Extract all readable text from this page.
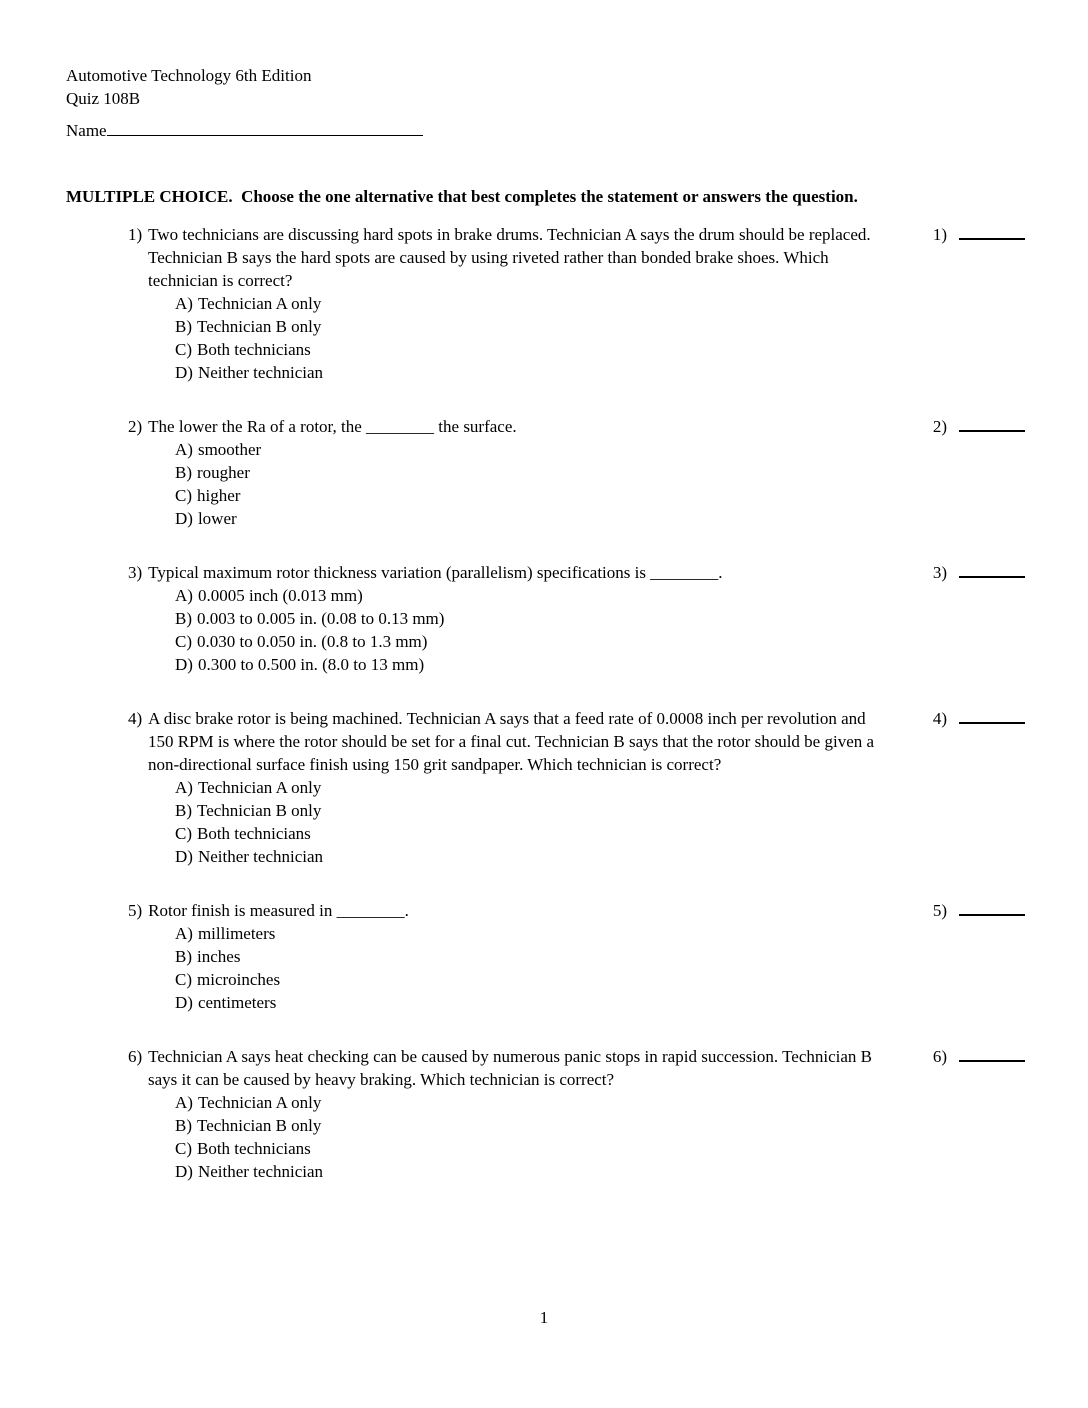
Automotive Technology 6th Edition
Quiz 108B
Name
MULTIPLE CHOICE.  Choose the one alternative that best completes the statement or answers the question.

1) Two technicians are discussing hard spots in brake drums. Technician A says the drum should be replaced. Technician B says the hard spots are caused by using riveted rather than bonded brake shoes. Which technician is correct?

A) Technician A only

B) Technician B only

C) Both technicians

D) Neither technician

1)

2) The lower the Ra of a rotor, the ________ the surface.

A) smoother

B) rougher

C) higher

D) lower

2)

3) Typical maximum rotor thickness variation (parallelism) specifications is ________.

A) 0.0005 inch (0.013 mm)

B) 0.003 to 0.005 in. (0.08 to 0.13 mm)

C) 0.030 to 0.050 in. (0.8 to 1.3 mm)

D) 0.300 to 0.500 in. (8.0 to 13 mm)

3)

4) A disc brake rotor is being machined. Technician A says that a feed rate of 0.0008 inch per revolution and 150 RPM is where the rotor should be set for a final cut. Technician B says that the rotor should be given a non-directional surface finish using 150 grit sandpaper. Which technician is correct?

A) Technician A only

B) Technician B only

C) Both technicians

D) Neither technician

4)

5) Rotor finish is measured in ________.

A) millimeters

B) inches

C) microinches

D) centimeters

5)

6) Technician A says heat checking can be caused by numerous panic stops in rapid succession. Technician B says it can be caused by heavy braking. Which technician is correct?

A) Technician A only

B) Technician B only

C) Both technicians

D) Neither technician

6)
1
